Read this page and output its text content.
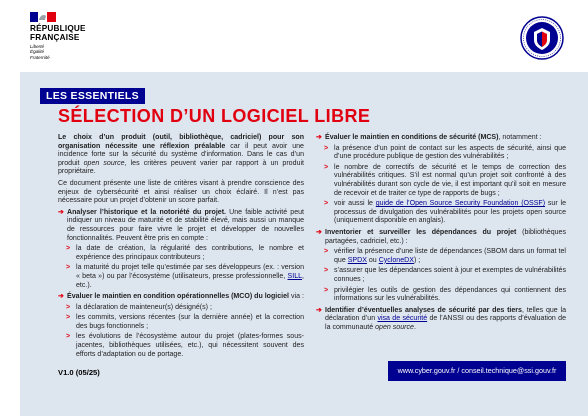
RÉPUBLIQUE
FRANÇAISE
Liberté
Égalité
Fraternité
LES ESSENTIELS
SÉLECTION D’UN LOGICIEL LIBRE

Le choix d’un produit (outil, bibliothèque, cadriciel) pour son organisation nécessite une réflexion préalable car il peut avoir une incidence forte sur la sécurité du système d’information. Dans le cas d’un produit open source, les critères peuvent varier par rapport à un produit propriétaire.

Ce document présente une liste de critères visant à prendre conscience des enjeux de cybersécurité et ainsi réaliser un choix éclairé. Il n’est pas nécessaire pour un projet d’obtenir un score parfait.

➔ Analyser l’historique et la notoriété du projet. Une faible activité peut indiquer un niveau de maturité et de stabilité élevé, mais aussi un manque de ressources pour faire vivre le projet et développer de nouvelles fonctionnalités. Peuvent être pris en compte :
> la date de création, la régularité des contributions, le nombre et expérience des principaux contributeurs ;
> la maturité du projet telle qu’estimée par ses développeurs (ex. : version « beta ») ou par l’écosystème (utilisateurs, presse professionnelle, SILL, etc.).
➔ Évaluer le maintien en condition opérationnelles (MCO) du logiciel via :
> la déclaration de mainteneur(s) désigné(s) ;
> les commits, versions récentes (sur la dernière année) et la correction des bugs fonctionnels ;
> les évolutions de l’écosystème autour du projet (plates-formes sous-jacentes, bibliothèques utilisées, etc.), qui nécessitent souvent des efforts d’adaptation ou de portage.
➔ Évaluer le maintien en conditions de sécurité (MCS), notamment :
> la présence d’un point de contact sur les aspects de sécurité, ainsi que d’une procédure publique de gestion des vulnérabilités ;
> le nombre de correctifs de sécurité et le temps de correction des vulnérabilités critiques. S’il est normal qu’un projet soit confronté à des vulnérabilités durant son cycle de vie, il est important qu’il soit en mesure de recevoir et de traiter ce type de rapports de bugs ;
> voir aussi le guide de l’Open Source Security Foundation (OSSF) sur le processus de divulgation des vulnérabilités pour les projets open source (uniquement disponible en anglais).
➔ Inventorier et surveiller les dépendances du projet (bibliothèques partagées, cadriciel, etc.) :
> vérifier la présence d’une liste de dépendances (SBOM dans un format tel que SPDX ou CycloneDX) ;
> s’assurer que les dépendances soient à jour et exemptes de vulnérabilités connues ;
> privilégier les outils de gestion des dépendances qui contiennent des informations sur les vulnérabilités.
➔ Identifier d’éventuelles analyses de sécurité par des tiers, telles que la déclaration d’un visa de sécurité de l’ANSSI ou des rapports d’évaluation de la communauté open source.
V1.0 (05/25)	www.cyber.gouv.fr / conseil.technique@ssi.gouv.fr
